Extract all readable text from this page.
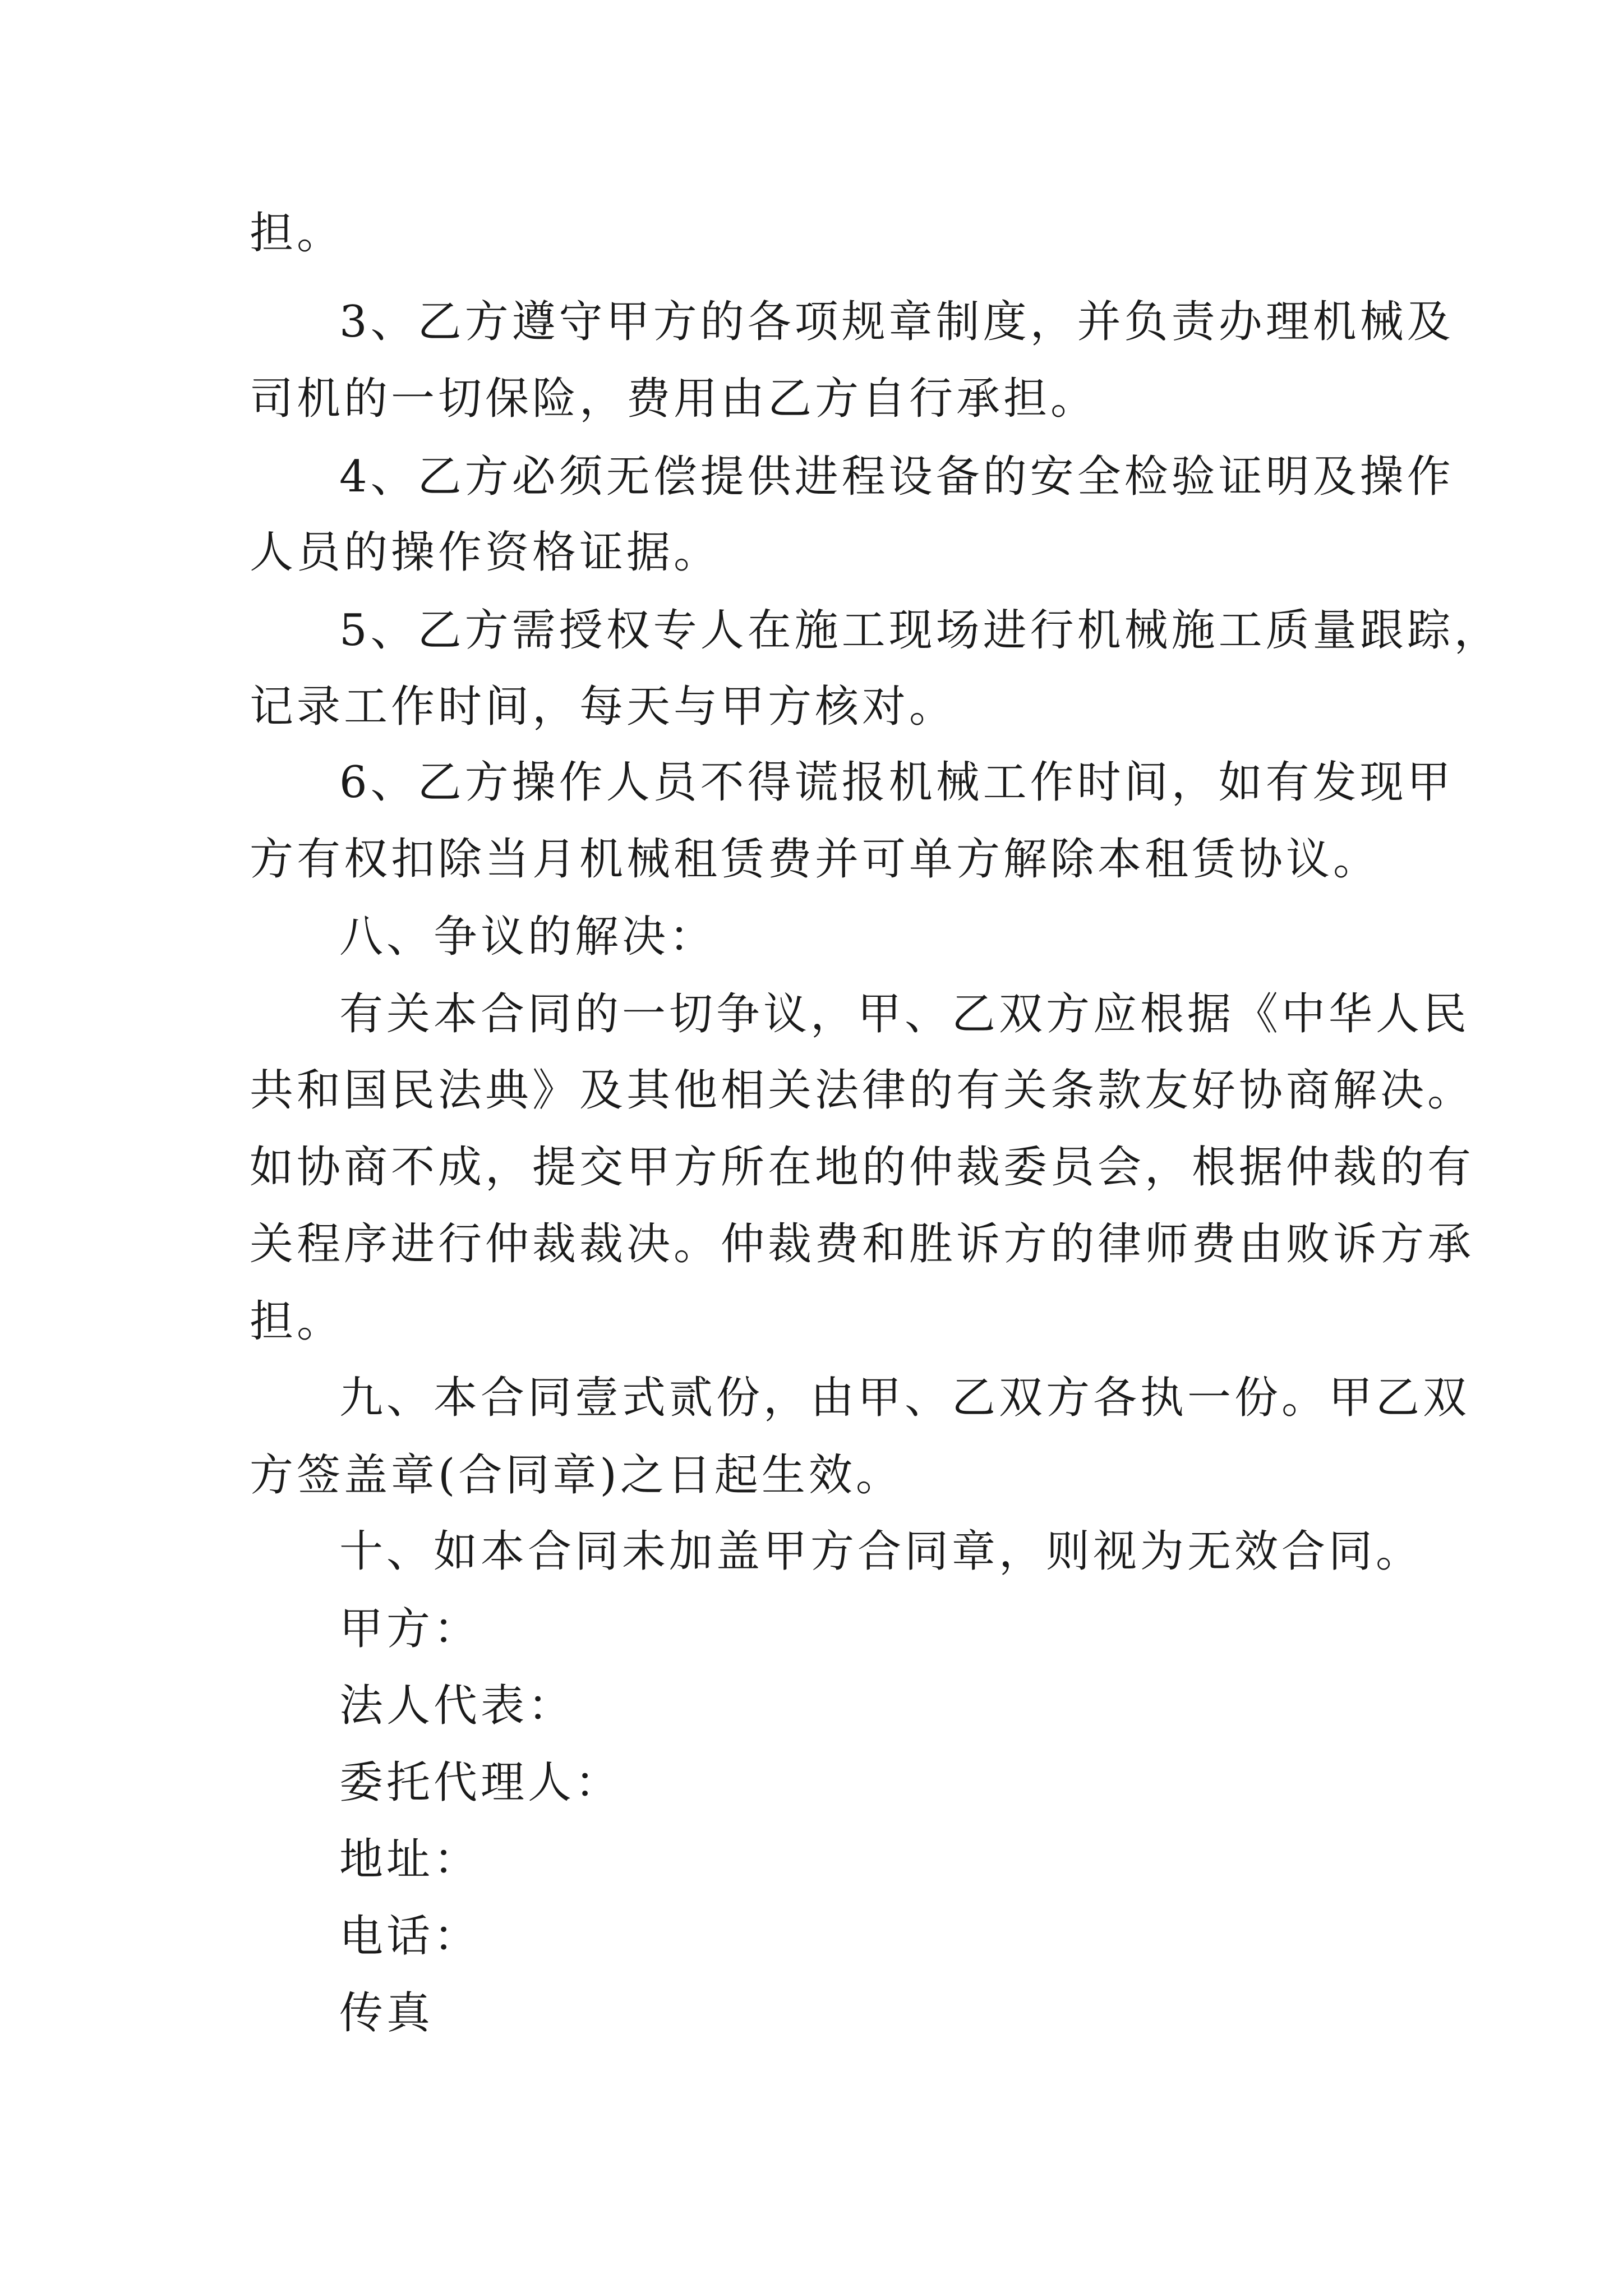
担。
3、乙方遵守甲方的各项规章制度，并负责办理机械及
司机的一切保险，费用由乙方自行承担。
4、乙方必须无偿提供进程设备的安全检验证明及操作
人员的操作资格证据。
5、乙方需授权专人在施工现场进行机械施工质量跟踪，
记录工作时间，每天与甲方核对。
6、乙方操作人员不得谎报机械工作时间，如有发现甲
方有权扣除当月机械租赁费并可单方解除本租赁协议。
八、争议的解决：
有关本合同的一切争议，甲、乙双方应根据《中华人民
共和国民法典》及其他相关法律的有关条款友好协商解决。
如协商不成，提交甲方所在地的仲裁委员会，根据仲裁的有
关程序进行仲裁裁决。仲裁费和胜诉方的律师费由败诉方承
担。
九、本合同壹式贰份，由甲、乙双方各执一份。甲乙双
方签盖章(合同章)之日起生效。
十、如本合同未加盖甲方合同章，则视为无效合同。
甲方：
法人代表：
委托代理人：
地址：
电话：
传真
